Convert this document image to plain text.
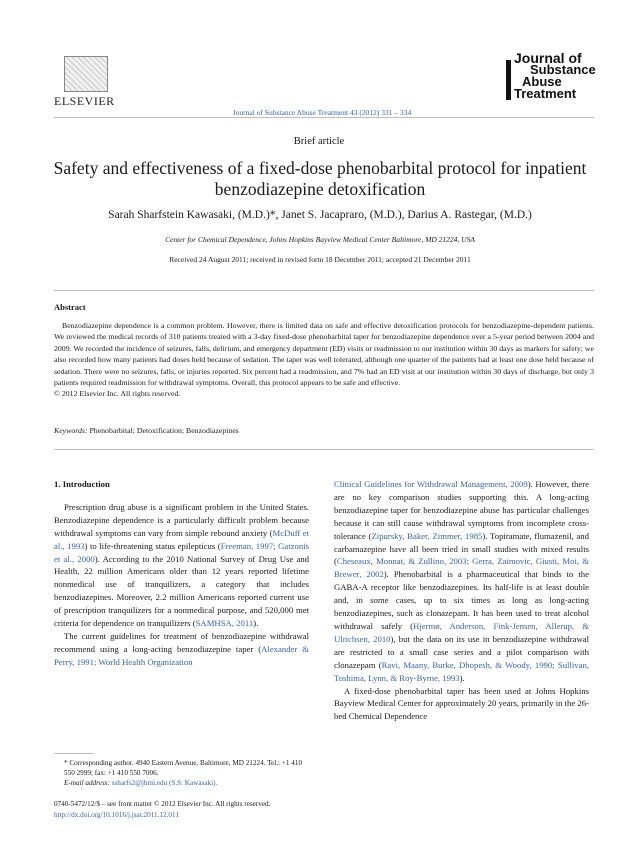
ELSEVIER
Journal of Substance Abuse Treatment 43 (2012) 331 – 334
Journal of
Substance
Abuse
Treatment
Brief article
Safety and effectiveness of a fixed-dose phenobarbital protocol for inpatient benzodiazepine detoxification
Sarah Sharfstein Kawasaki, (M.D.)*, Janet S. Jacapraro, (M.D.), Darius A. Rastegar, (M.D.)
Center for Chemical Dependence, Johns Hopkins Bayview Medical Center Baltimore, MD 21224, USA
Received 24 August 2011; received in revised form 18 December 2011; accepted 21 December 2011
Abstract
Benzodiazepine dependence is a common problem. However, there is limited data on safe and effective detoxification protocols for benzodiazepine-dependent patients. We reviewed the medical records of 310 patients treated with a 3-day fixed-dose phenobarbital taper for benzodiazepine dependence over a 5-year period between 2004 and 2009. We recorded the incidence of seizures, falls, delirium, and emergency department (ED) visits or readmission to our institution within 30 days as markers for safety; we also recorded how many patients had doses held because of sedation. The taper was well tolerated, although one quarter of the patients had at least one dose held because of sedation. There were no seizures, falls, or injuries reported. Six percent had a readmission, and 7% had an ED visit at our institution within 30 days of discharge, but only 3 patients required readmission for withdrawal symptoms. Overall, this protocol appears to be safe and effective.
© 2012 Elsevier Inc. All rights reserved.
Keywords: Phenobarbital; Detoxification; Benzodiazepines
1. Introduction

Prescription drug abuse is a significant problem in the United States. Benzodiazepine dependence is a particularly difficult problem because withdrawal symptoms can vary from simple rebound anxiety (McDuff et al., 1993) to life-threatening status epilepticus (Freeman, 1997; Gatzonis et al., 2000). According to the 2010 National Survey of Drug Use and Health, 22 million Americans older than 12 years reported lifetime nonmedical use of tranquilizers, a category that includes benzodiazepines. Moreover, 2.2 million Americans reported current use of prescription tranquilizers for a nonmedical purpose, and 520,000 met criteria for dependence on tranquilizers (SAMHSA, 2011).

The current guidelines for treatment of benzodiazepine withdrawal recommend using a long-acting benzodiazepine taper (Alexander & Perry, 1991; World Health Organization

Clinical Guidelines for Withdrawal Management, 2009). However, there are no key comparison studies supporting this. A long-acting benzodiazepine taper for benzodiazepine abuse has particular challenges because it can still cause withdrawal symptoms from incomplete cross-tolerance (Zipursky, Baker, Zimmer, 1985). Topiramate, flumazenil, and carbamazepine have all been tried in small studies with mixed results (Cheseaux, Monnat, & Zullino, 2003; Gerra, Zaimovic, Giusti, Moi, & Brewer, 2002). Phenobarbital is a pharmaceutical that binds to the GABA-A receptor like benzodiazepines. Its half-life is at least double and, in some cases, up to six times as long as long-acting benzodiazepines, such as clonazepam. It has been used to treat alcohol withdrawal safely (Hjermø, Anderson, Fink-Jensen, Allerup, & Ulrichsen, 2010), but the data on its use in benzodiazepine withdrawal are restricted to a small case series and a pilot comparison with clonazepam (Ravi, Maany, Burke, Dhopesh, & Woody, 1990; Sullivan, Toshima, Lynn, & Roy-Byrne, 1993).

A fixed-dose phenobarbital taper has been used at Johns Hopkins Bayview Medical Center for approximately 20 years, primarily in the 26-bed Chemical Dependence

* Corresponding author. 4940 Eastern Avenue, Baltimore, MD 21224. Tel.: +1 410 550 2999; fax: +1 410 550 7006.
E-mail address: ssharfs2@jhmi.edu (S.S. Kawasaki).
0740-5472/12/$ – see front matter © 2012 Elsevier Inc. All rights reserved.
http://dx.doi.org/10.1016/j.jsat.2011.12.011
